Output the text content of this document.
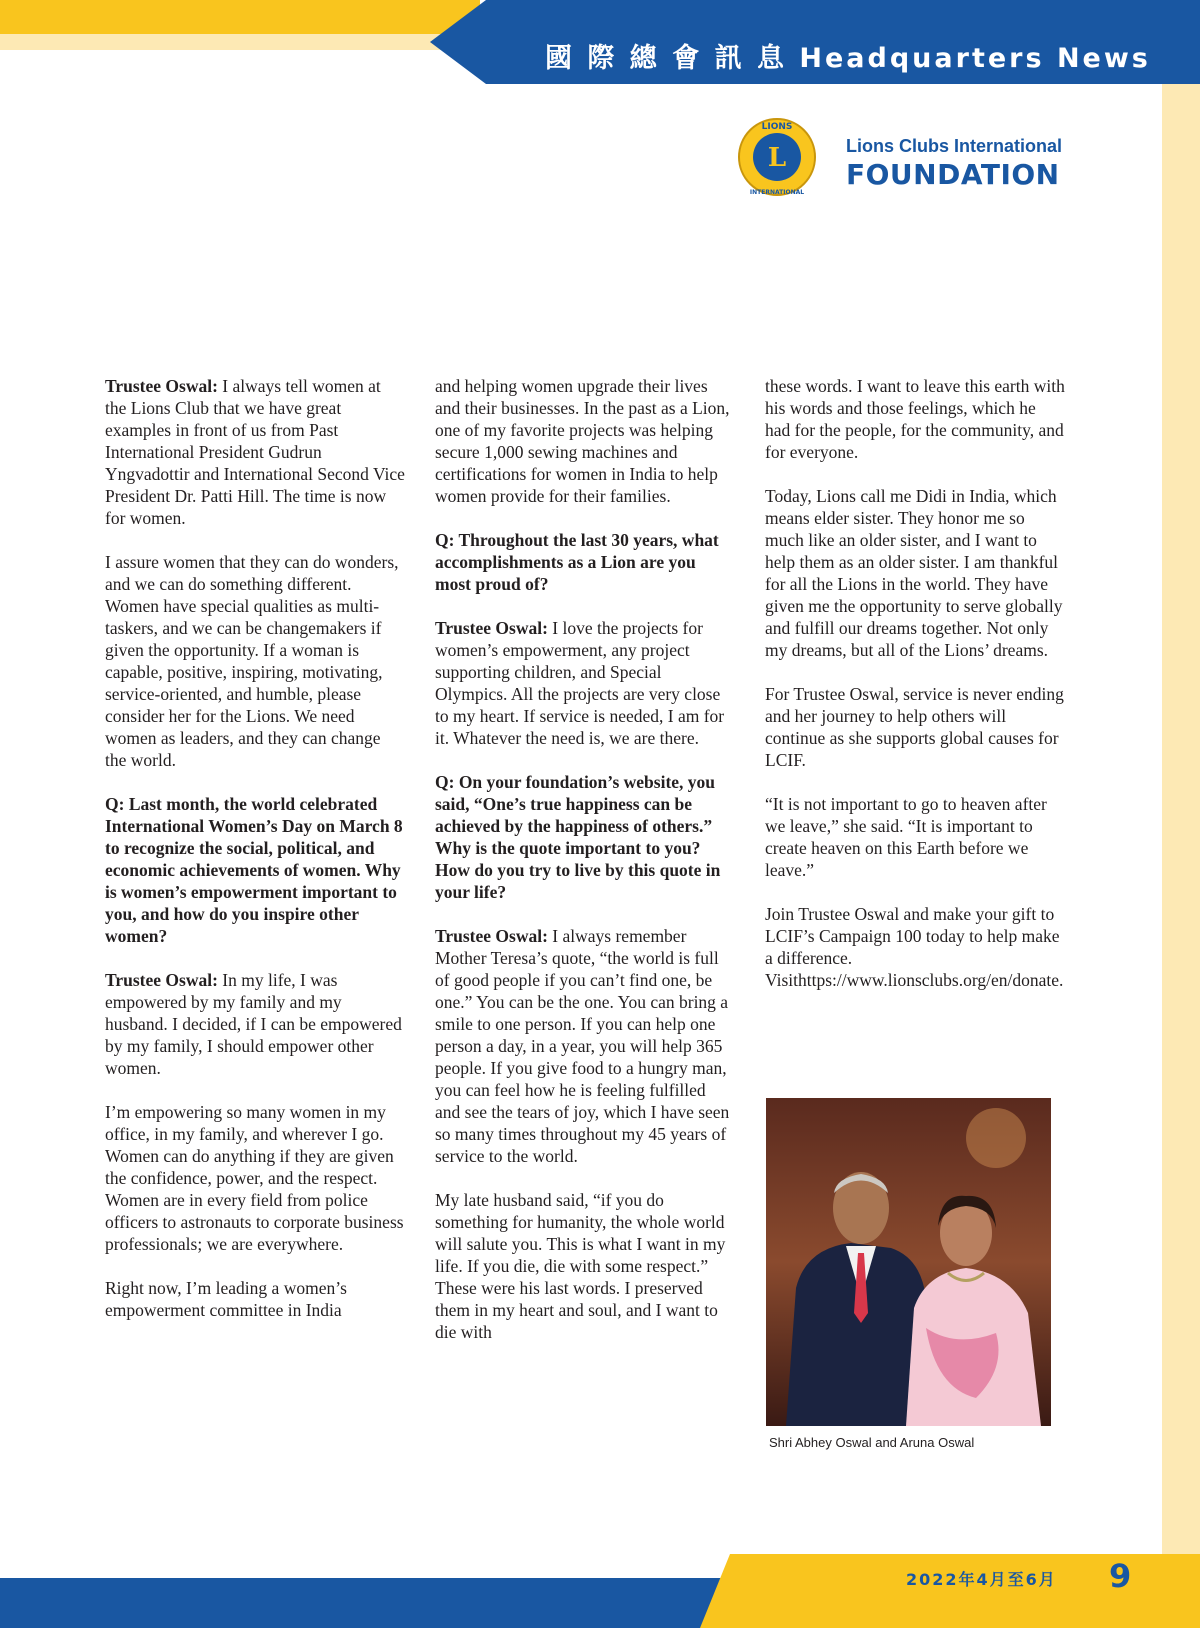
國 際 總 會 訊 息 Headquarters News
L
LIONS
INTERNATIONAL
Lions Clubs International
FOUNDATION

Trustee Oswal: I always tell women at the Lions Club that we have great examples in front of us from Past International President Gudrun Yngvadottir and International Second Vice President Dr. Patti Hill. The time is now for women.

I assure women that they can do wonders, and we can do something different. Women have special qualities as multi-taskers, and we can be changemakers if given the opportunity. If a woman is capable, positive, inspiring, motivating, service-oriented, and humble, please consider her for the Lions. We need women as leaders, and they can change the world.

Q: Last month, the world celebrated International Women’s Day on March 8 to recognize the social, political, and economic achievements of women. Why is women’s empowerment important to you, and how do you inspire other women?

Trustee Oswal: In my life, I was empowered by my family and my husband. I decided, if I can be empowered by my family, I should empower other women.

I’m empowering so many women in my office, in my family, and wherever I go. Women can do anything if they are given the confidence, power, and the respect. Women are in every field from police officers to astronauts to corporate business professionals; we are everywhere.

Right now, I’m leading a women’s empowerment committee in India

and helping women upgrade their lives and their businesses. In the past as a Lion, one of my favorite projects was helping secure 1,000 sewing machines and certifications for women in India to help women provide for their families.

Q: Throughout the last 30 years, what accomplishments as a Lion are you most proud of?

Trustee Oswal: I love the projects for women’s empowerment, any project supporting children, and Special Olympics. All the projects are very close to my heart. If service is needed, I am for it. Whatever the need is, we are there.

Q: On your foundation’s website, you said, “One’s true happiness can be achieved by the happiness of others.” Why is the quote important to you? How do you try to live by this quote in your life?

Trustee Oswal: I always remember Mother Teresa’s quote, “the world is full of good people if you can’t find one, be one.” You can be the one. You can bring a smile to one person. If you can help one person a day, in a year, you will help 365 people. If you give food to a hungry man, you can feel how he is feeling fulfilled and see the tears of joy, which I have seen so many times throughout my 45 years of service to the world.

My late husband said, “if you do something for humanity, the whole world will salute you. This is what I want in my life. If you die, die with some respect.” These were his last words. I preserved them in my heart and soul, and I want to die with

these words. I want to leave this earth with his words and those feelings, which he had for the people, for the community, and for everyone.

Today, Lions call me Didi in India, which means elder sister. They honor me so much like an older sister, and I want to help them as an older sister. I am thankful for all the Lions in the world. They have given me the opportunity to serve globally and fulfill our dreams together. Not only my dreams, but all of the Lions’ dreams.

For Trustee Oswal, service is never ending and her journey to help others will continue as she supports global causes for LCIF.

“It is not important to go to heaven after we leave,” she said. “It is important to create heaven on this Earth before we leave.”

Join Trustee Oswal and make your gift to LCIF’s Campaign 100 today to help make a difference. Visithttps://www.lionsclubs.org/en/donate.

Shri Abhey Oswal and Aruna Oswal
2022年4月至6月 9
